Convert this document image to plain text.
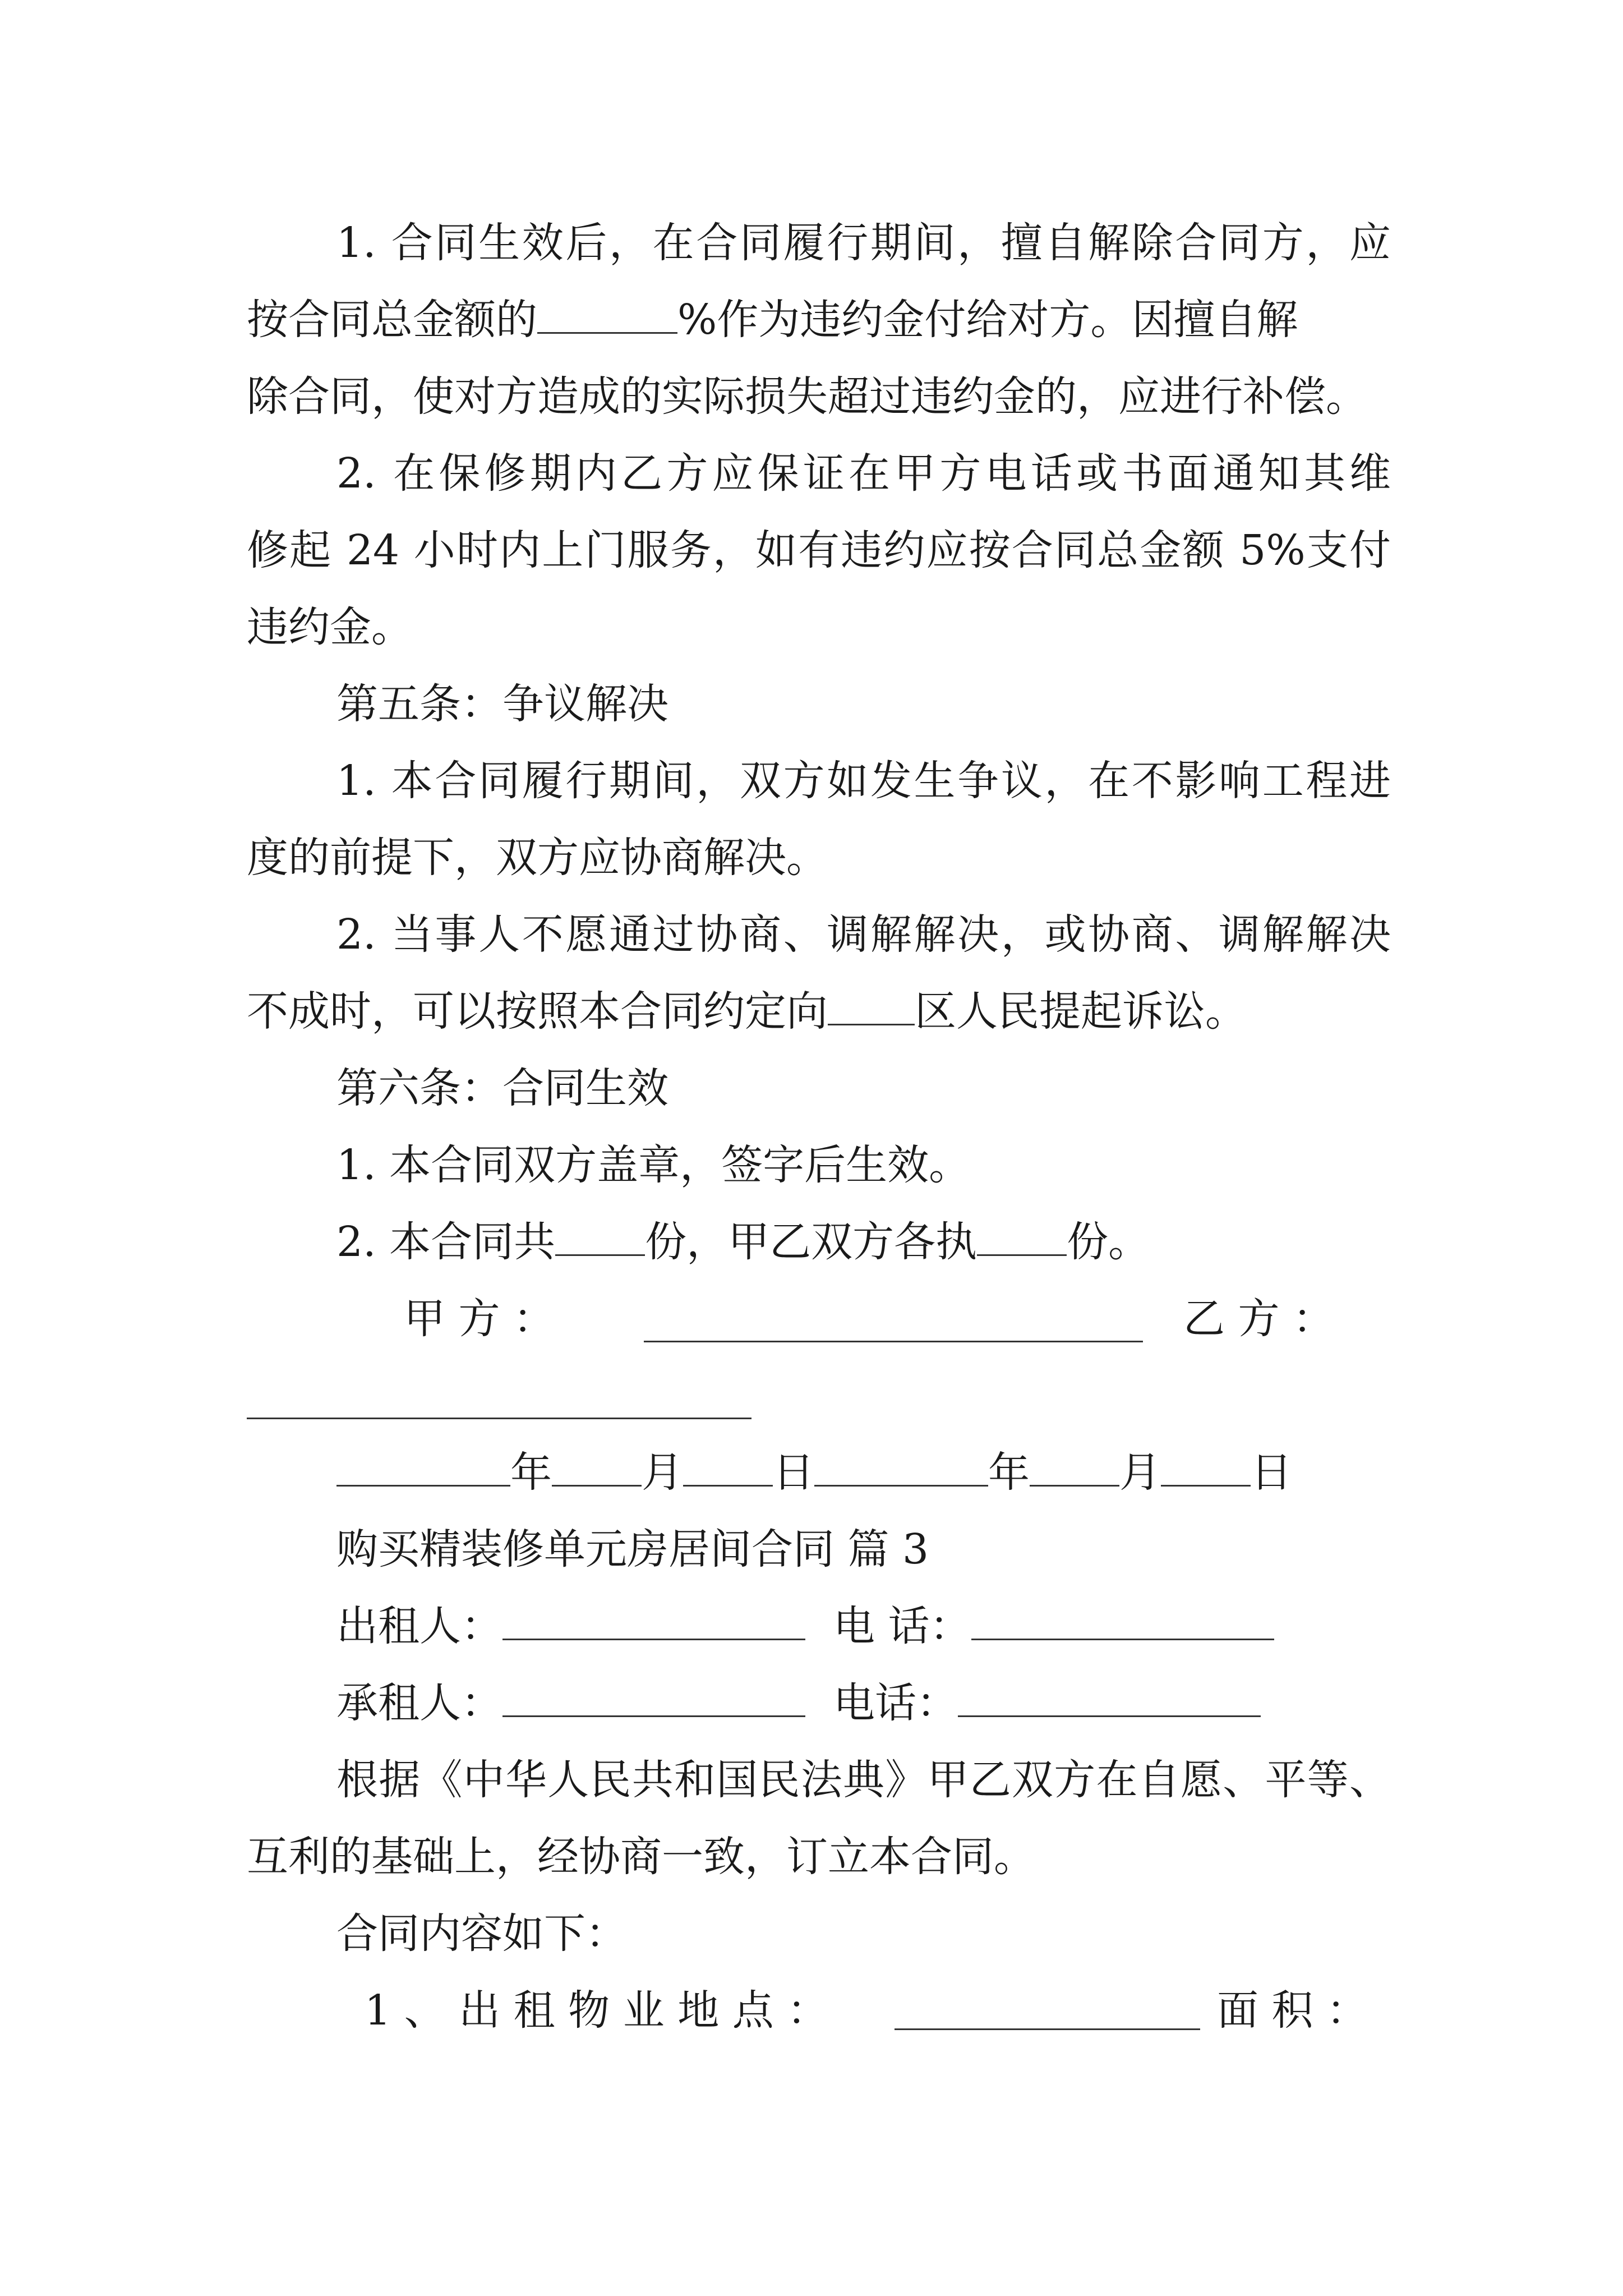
1. 合同生效后，在合同履行期间，擅自解除合同方，应
按合同总金额的	%作为违约金付给对方。因擅自解
除合同，使对方造成的实际损失超过违约金的，应进行补偿。
2. 在保修期内乙方应保证在甲方电话或书面通知其维
修起 24 小时内上门服务，如有违约应按合同总金额 5%支付
违约金。
第五条：争议解决
1. 本合同履行期间，双方如发生争议，在不影响工程进
度的前提下，双方应协商解决。
2. 当事人不愿通过协商、调解解决，或协商、调解解决
不成时，可以按照本合同约定向 区人民提起诉讼。
第六条：合同生效
1. 本合同双方盖章，签字后生效。
2. 本合同共 份，甲乙双方各执 份。
甲 方 ：	乙 方 ：
年 月 日	年 月 日
购买精装修单元房居间合同 篇 3
出租人：	电 话：
承租人：	电话：
根据《中华人民共和国民法典》甲乙双方在自愿、平等、
互利的基础上，经协商一致，订立本合同。
合同内容如下：
1 、 出 租 物 业 地 点 ：	面 积 ：
